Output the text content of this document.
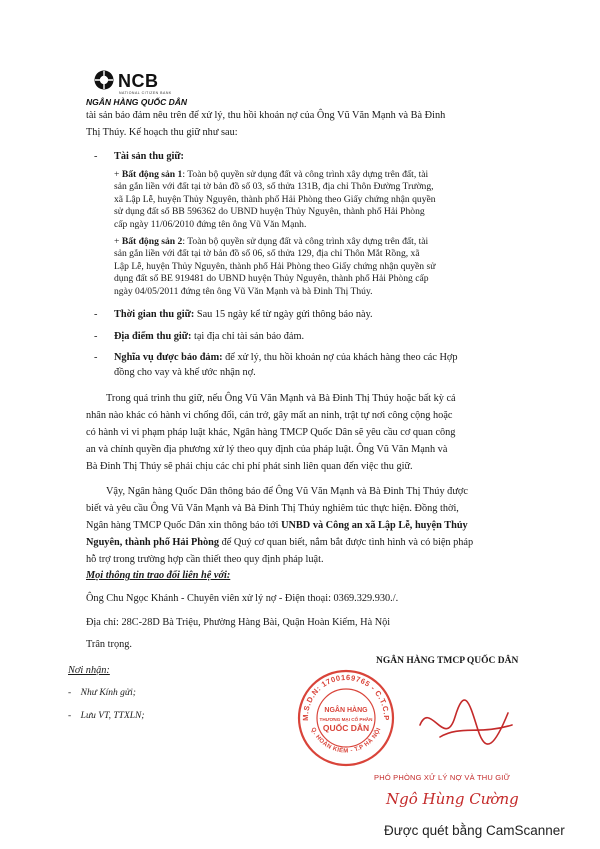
NCB
NATIONAL CITIZEN BANK
NGÂN HÀNG QUỐC DÂN
tài sản bảo đảm nêu trên để xử lý, thu hồi khoản nợ của Ông Vũ Văn Mạnh và Bà Đinh
Thị Thúy. Kế hoạch thu giữ như sau:
- Tài sản thu giữ:
+ Bất động sản 1: Toàn bộ quyền sử dụng đất và công trình xây dựng trên đất, tài
sản gắn liền với đất tại tờ bản đồ số 03, số thửa 131B, địa chỉ Thôn Đường Trường,
xã Lập Lễ, huyện Thủy Nguyên, thành phố Hải Phòng theo Giấy chứng nhận quyền
sử dụng đất số BB 596362 do UBND huyện Thủy Nguyên, thành phố Hải Phòng
cấp ngày 11/06/2010 đứng tên ông Vũ Văn Mạnh.
+ Bất động sản 2: Toàn bộ quyền sử dụng đất và công trình xây dựng trên đất, tài
sản gắn liền với đất tại tờ bản đồ số 06, số thửa 129, địa chỉ Thôn Mắt Rồng, xã
Lập Lễ, huyện Thủy Nguyên, thành phố Hải Phòng theo Giấy chứng nhận quyền sử
dụng đất số BE 919481 do UBND huyện Thủy Nguyên, thành phố Hải Phòng cấp
ngày 04/05/2011 đứng tên ông Vũ Văn Mạnh và bà Đinh Thị Thúy.
- Thời gian thu giữ: Sau 15 ngày kể từ ngày gửi thông báo này.
- Địa điểm thu giữ: tại địa chỉ tài sản bảo đảm.
- Nghĩa vụ được bảo đảm: để xử lý, thu hồi khoản nợ của khách hàng theo các Hợp
đồng cho vay và khế ước nhận nợ.
Trong quá trình thu giữ, nếu Ông Vũ Văn Mạnh và Bà Đinh Thị Thúy hoặc bất kỳ cá
nhân nào khác có hành vi chống đối, cản trở, gây mất an ninh, trật tự nơi công cộng hoặc
có hành vi vi phạm pháp luật khác, Ngân hàng TMCP Quốc Dân sẽ yêu cầu cơ quan công
an và chính quyền địa phương xử lý theo quy định của pháp luật. Ông Vũ Văn Mạnh và
Bà Đinh Thị Thúy sẽ phải chịu các chi phí phát sinh liên quan đến việc thu giữ.
Vậy, Ngân hàng Quốc Dân thông báo để Ông Vũ Văn Mạnh và Bà Đinh Thị Thúy được
biết và yêu cầu Ông Vũ Văn Mạnh và Bà Đinh Thị Thúy nghiêm túc thực hiện. Đồng thời,
Ngân hàng TMCP Quốc Dân xin thông báo tới UNBD và Công an xã Lập Lễ, huyện Thủy
Nguyên, thành phố Hải Phòng để Quý cơ quan biết, nắm bắt được tình hình và có biện pháp
hỗ trợ trong trường hợp cần thiết theo quy định pháp luật.
Mọi thông tin trao đổi liên hệ với:
Ông Chu Ngọc Khánh - Chuyên viên xử lý nợ - Điện thoại: 0369.329.930./.
Địa chỉ: 28C-28D Bà Triệu, Phường Hàng Bài, Quận Hoàn Kiếm, Hà Nội
Trân trọng.
Nơi nhận:
-    Như Kính gửi;
-    Lưu VT, TTXLN;
NGÂN HÀNG TMCP QUỐC DÂN
M.S.D.N: 1700169765 - C.T.C.P
Q. HOÀN KIẾM - T.P HÀ NỘI
NGÂN HÀNG
THƯƠNG MẠI CỔ PHẦN
QUỐC DÂN
PHÓ PHÒNG XỬ LÝ NỢ VÀ THU GIỮ
Ngô Hùng Cường
Được quét bằng CamScanner
